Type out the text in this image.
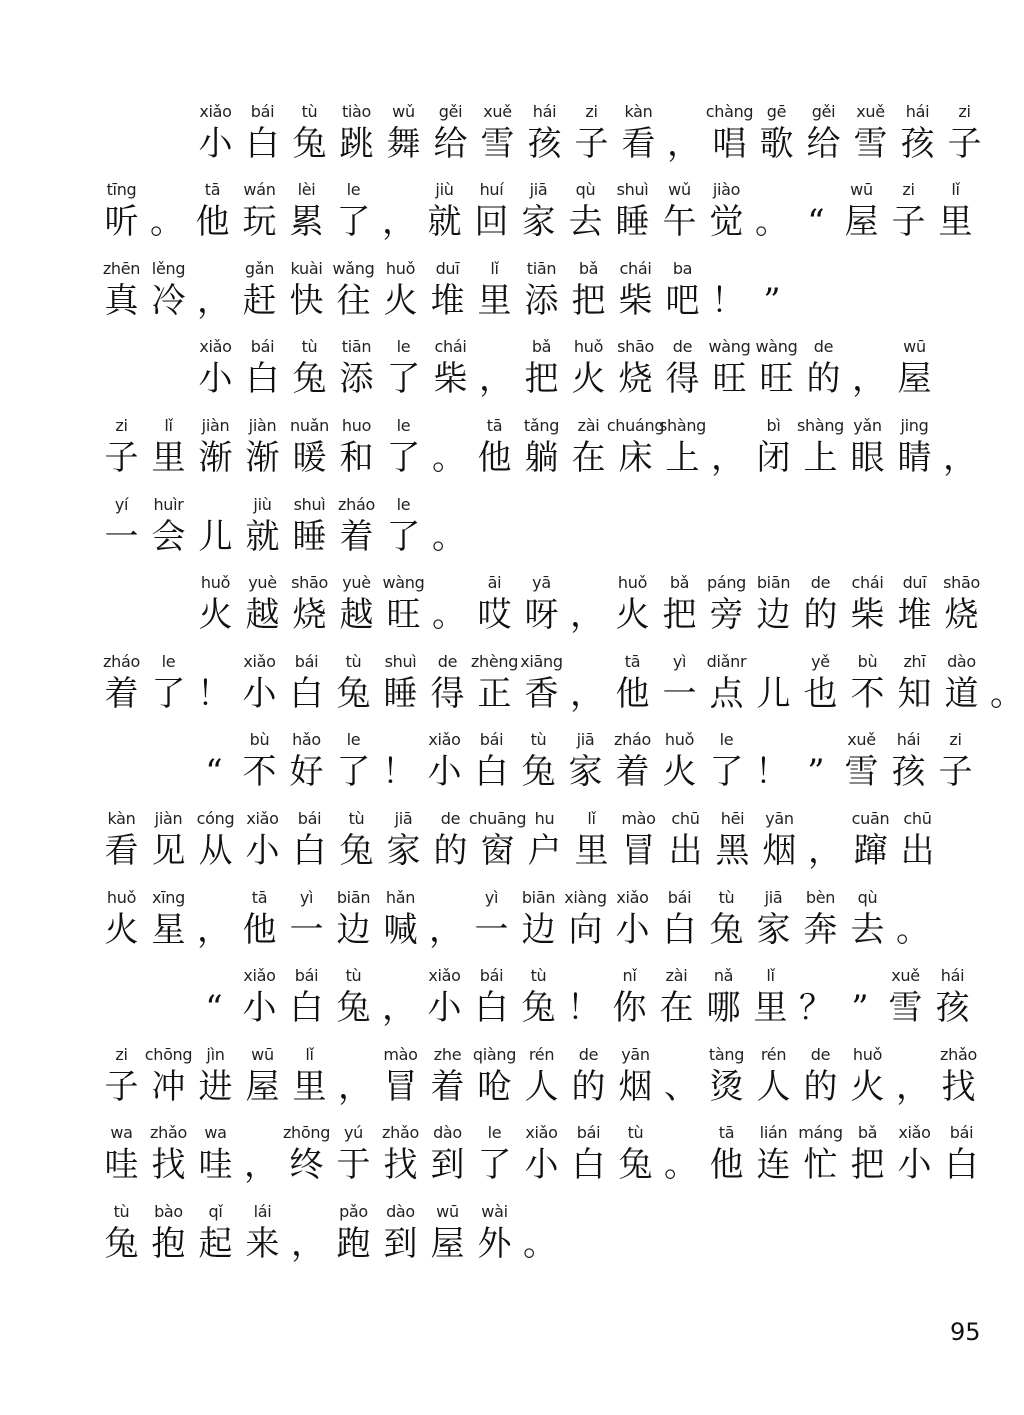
xiǎo
小
bái
白
tù
兔
tiào
跳
wǔ
舞
gěi
给
xuě
雪
hái
孩
zi
子
kàn
看 ，
chàng
唱
gē
歌
gěi
给
xuě
雪
hái
孩
zi
子
tīng
听 。
tā
他
wán
玩
lèi
累
le
了 ，
jiù
就
huí
回
jiā
家
qù
去
shuì
睡
wǔ
午
jiào
觉 。 “
wū
屋
zi
子
lǐ
里
zhēn
真
lěng
冷 ，
gǎn
赶
kuài
快
wǎng
往
huǒ
火
duī
堆
lǐ
里
tiān
添
bǎ
把
chái
柴
ba
吧 ！ ”
xiǎo
小
bái
白
tù
兔
tiān
添
le
了
chái
柴 ，
bǎ
把
huǒ
火
shāo
烧
de
得
wàng
旺
wàng
旺
de
的 ，
wū
屋
zi
子
lǐ
里
jiàn
渐
jiàn
渐
nuǎn
暖
huo
和
le
了 。
tā
他
tǎng
躺
zài
在
chuáng
床
shàng
上 ，
bì
闭
shàng
上
yǎn
眼
jing
睛 ，
yí
一
huìr
会 儿
jiù
就
shuì
睡
zháo
着
le
了 。
huǒ
火
yuè
越
shāo
烧
yuè
越
wàng
旺 。
āi
哎
yā
呀 ，
huǒ
火
bǎ
把
páng
旁
biān
边
de
的
chái
柴
duī
堆
shāo
烧
zháo
着
le
了 ！
xiǎo
小
bái
白
tù
兔
shuì
睡
de
得
zhèng
正
xiāng
香 ，
tā
他
yì
一
diǎnr
点 儿
yě
也
bù
不
zhī
知
dào
道 。
“
bù
不
hǎo
好
le
了 ！
xiǎo
小
bái
白
tù
兔
jiā
家
zháo
着
huǒ
火
le
了 ！ ”
xuě
雪
hái
孩
zi
子
kàn
看
jiàn
见
cóng
从
xiǎo
小
bái
白
tù
兔
jiā
家
de
的
chuāng
窗
hu
户
lǐ
里
mào
冒
chū
出
hēi
黑
yān
烟 ，
cuān
蹿
chū
出
huǒ
火
xīng
星 ，
tā
他
yì
一
biān
边
hǎn
喊 ，
yì
一
biān
边
xiàng
向
xiǎo
小
bái
白
tù
兔
jiā
家
bèn
奔
qù
去 。
“
xiǎo
小
bái
白
tù
兔 ，
xiǎo
小
bái
白
tù
兔 ！
nǐ
你
zài
在
nǎ
哪
lǐ
里 ？ ”
xuě
雪
hái
孩
zi
子
chōng
冲
jìn
进
wū
屋
lǐ
里 ，
mào
冒
zhe
着
qiàng
呛
rén
人
de
的
yān
烟 、
tàng
烫
rén
人
de
的
huǒ
火 ，
zhǎo
找
wa
哇
zhǎo
找
wa
哇 ，
zhōng
终
yú
于
zhǎo
找
dào
到
le
了
xiǎo
小
bái
白
tù
兔 。
tā
他
lián
连
máng
忙
bǎ
把
xiǎo
小
bái
白
tù
兔
bào
抱
qǐ
起
lái
来 ，
pǎo
跑
dào
到
wū
屋
wài
外 。
95
